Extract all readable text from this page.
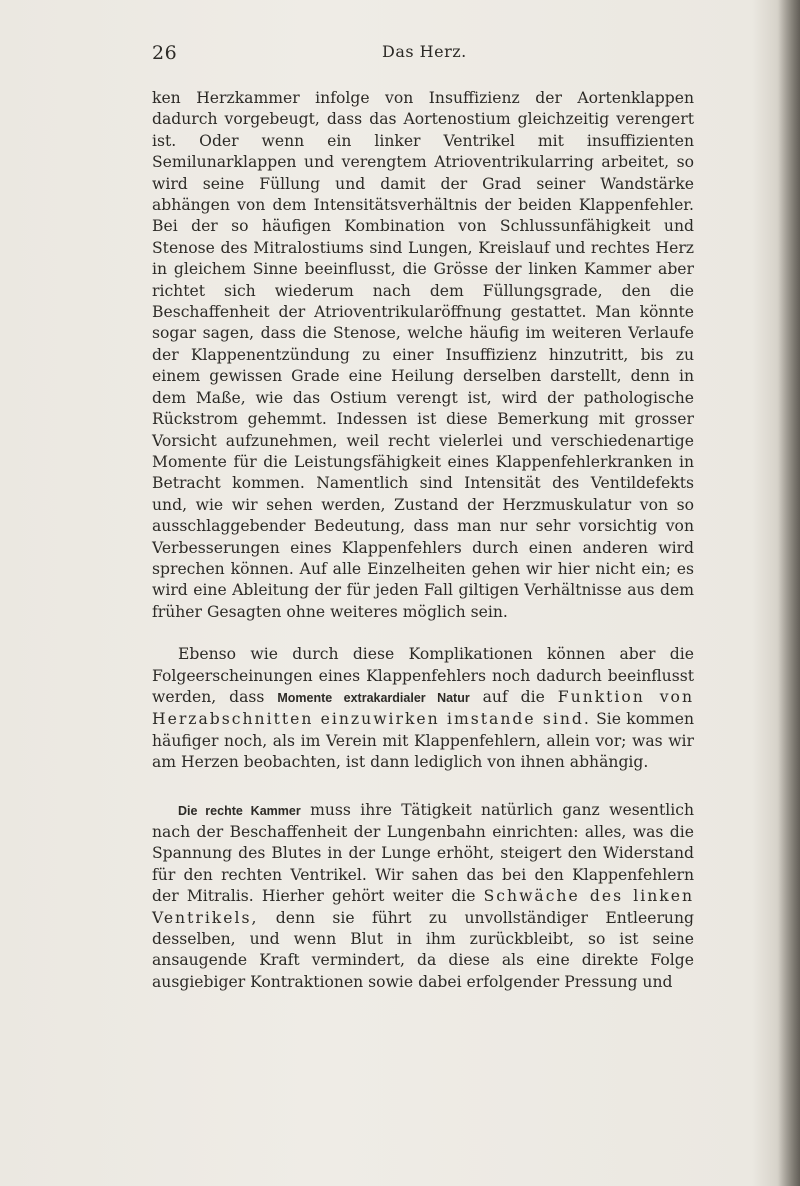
26	Das Herz.

ken Herzkammer infolge von Insuffizienz der Aortenklappen dadurch vorgebeugt, dass das Aortenostium gleichzeitig verengert ist. Oder wenn ein linker Ventrikel mit insuffizienten Semilunarklappen und verengtem Atrioventrikularring arbeitet, so wird seine Füllung und damit der Grad seiner Wandstärke abhängen von dem Intensitätsverhältnis der beiden Klappenfehler. Bei der so häufigen Kombination von Schlussunfähigkeit und Stenose des Mitralostiums sind Lungen, Kreislauf und rechtes Herz in gleichem Sinne beeinflusst, die Grösse der linken Kammer aber richtet sich wiederum nach dem Füllungsgrade, den die Beschaffenheit der Atrioventrikularöffnung gestattet. Man könnte sogar sagen, dass die Stenose, welche häufig im weiteren Verlaufe der Klappenentzündung zu einer Insuffizienz hinzutritt, bis zu einem gewissen Grade eine Heilung derselben darstellt, denn in dem Maße, wie das Ostium verengt ist, wird der pathologische Rückstrom gehemmt. Indessen ist diese Bemerkung mit grosser Vorsicht aufzunehmen, weil recht vielerlei und verschiedenartige Momente für die Leistungsfähigkeit eines Klappenfehlerkranken in Betracht kommen. Namentlich sind Intensität des Ventildefekts und, wie wir sehen werden, Zustand der Herzmuskulatur von so ausschlaggebender Bedeutung, dass man nur sehr vorsichtig von Verbesserungen eines Klappenfehlers durch einen anderen wird sprechen können. Auf alle Einzelheiten gehen wir hier nicht ein; es wird eine Ableitung der für jeden Fall giltigen Verhältnisse aus dem früher Gesagten ohne weiteres möglich sein.

Ebenso wie durch diese Komplikationen können aber die Folgeerscheinungen eines Klappenfehlers noch dadurch beeinflusst werden, dass Momente extrakardialer Natur auf die Funktion von Herzabschnitten einzuwirken imstande sind. Sie kommen häufiger noch, als im Verein mit Klappenfehlern, allein vor; was wir am Herzen beobachten, ist dann lediglich von ihnen abhängig.

Die rechte Kammer muss ihre Tätigkeit natürlich ganz wesentlich nach der Beschaffenheit der Lungenbahn einrichten: alles, was die Spannung des Blutes in der Lunge erhöht, steigert den Widerstand für den rechten Ventrikel. Wir sahen das bei den Klappenfehlern der Mitralis. Hierher gehört weiter die Schwäche des linken Ventrikels, denn sie führt zu unvollständiger Entleerung desselben, und wenn Blut in ihm zurückbleibt, so ist seine ansaugende Kraft vermindert, da diese als eine direkte Folge ausgiebiger Kontraktionen sowie dabei erfolgender Pressung und
